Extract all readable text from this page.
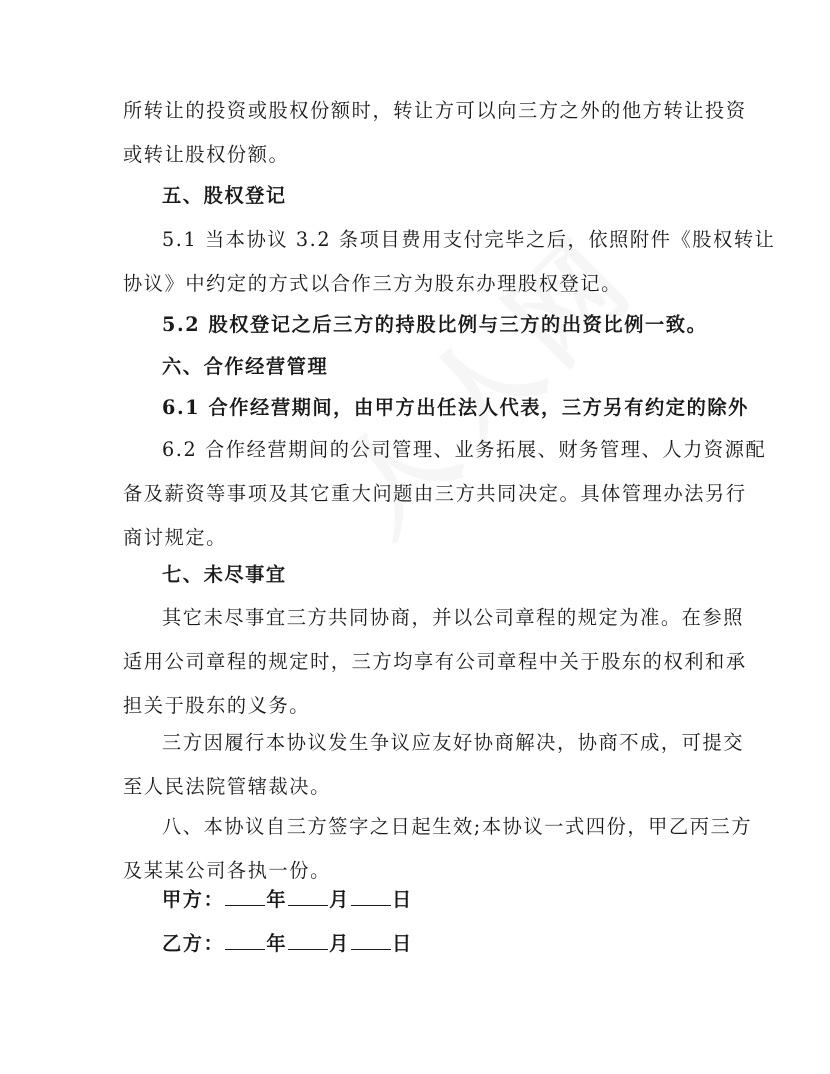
所转让的投资或股权份额时，转让方可以向三方之外的他方转让投资
或转让股权份额。

五、股权登记

5.1 当本协议 3.2 条项目费用支付完毕之后，依照附件《股权转让
协议》中约定的方式以合作三方为股东办理股权登记。

5.2 股权登记之后三方的持股比例与三方的出资比例一致。

六、合作经营管理

6.1 合作经营期间，由甲方出任法人代表，三方另有约定的除外

6.2 合作经营期间的公司管理、业务拓展、财务管理、人力资源配
备及薪资等事项及其它重大问题由三方共同决定。具体管理办法另行
商讨规定。

七、未尽事宜

其它未尽事宜三方共同协商，并以公司章程的规定为准。在参照
适用公司章程的规定时，三方均享有公司章程中关于股东的权利和承
担关于股东的义务。

三方因履行本协议发生争议应友好协商解决，协商不成，可提交
至人民法院管辖裁决。

八、本协议自三方签字之日起生效;本协议一式四份，甲乙丙三方
及某某公司各执一份。

甲方： 年 月 日

乙方： 年 月 日
